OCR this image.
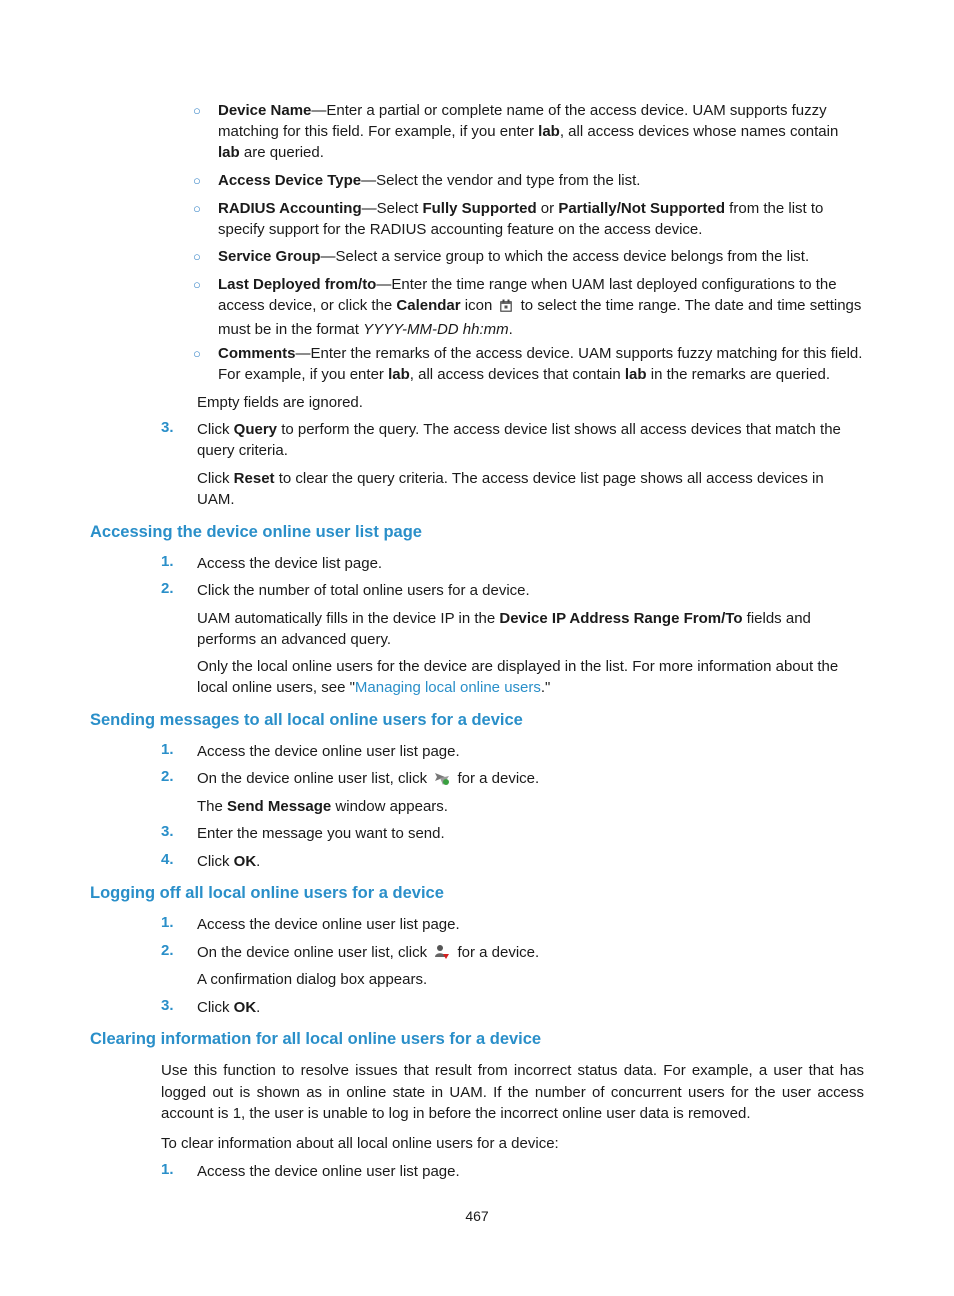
○ Device Name—Enter a partial or complete name of the access device. UAM supports fuzzy matching for this field. For example, if you enter lab, all access devices whose names contain lab are queried.
○ Access Device Type—Select the vendor and type from the list.
○ RADIUS Accounting—Select Fully Supported or Partially/Not Supported from the list to specify support for the RADIUS accounting feature on the access device.
○ Service Group—Select a service group to which the access device belongs from the list.
○ Last Deployed from/to—Enter the time range when UAM last deployed configurations to the access device, or click the Calendar icon  to select the time range. The date and time settings must be in the format YYYY-MM-DD hh:mm.
○ Comments—Enter the remarks of the access device. UAM supports fuzzy matching for this field. For example, if you enter lab, all access devices that contain lab in the remarks are queried.
Empty fields are ignored.
3. Click Query to perform the query. The access device list shows all access devices that match the query criteria.
Click Reset to clear the query criteria. The access device list page shows all access devices in UAM.
Accessing the device online user list page
1. Access the device list page.
2. Click the number of total online users for a device.
UAM automatically fills in the device IP in the Device IP Address Range From/To fields and performs an advanced query.
Only the local online users for the device are displayed in the list. For more information about the local online users, see "Managing local online users."
Sending messages to all local online users for a device
1. Access the device online user list page.
2. On the device online user list, click  for a device.
The Send Message window appears.
3. Enter the message you want to send.
4. Click OK.
Logging off all local online users for a device
1. Access the device online user list page.
2. On the device online user list, click  for a device.
A confirmation dialog box appears.
3. Click OK.
Clearing information for all local online users for a device
Use this function to resolve issues that result from incorrect status data. For example, a user that has logged out is shown as in online state in UAM. If the number of concurrent users for the user access account is 1, the user is unable to log in before the incorrect online user data is removed.
To clear information about all local online users for a device:
1. Access the device online user list page.
467
